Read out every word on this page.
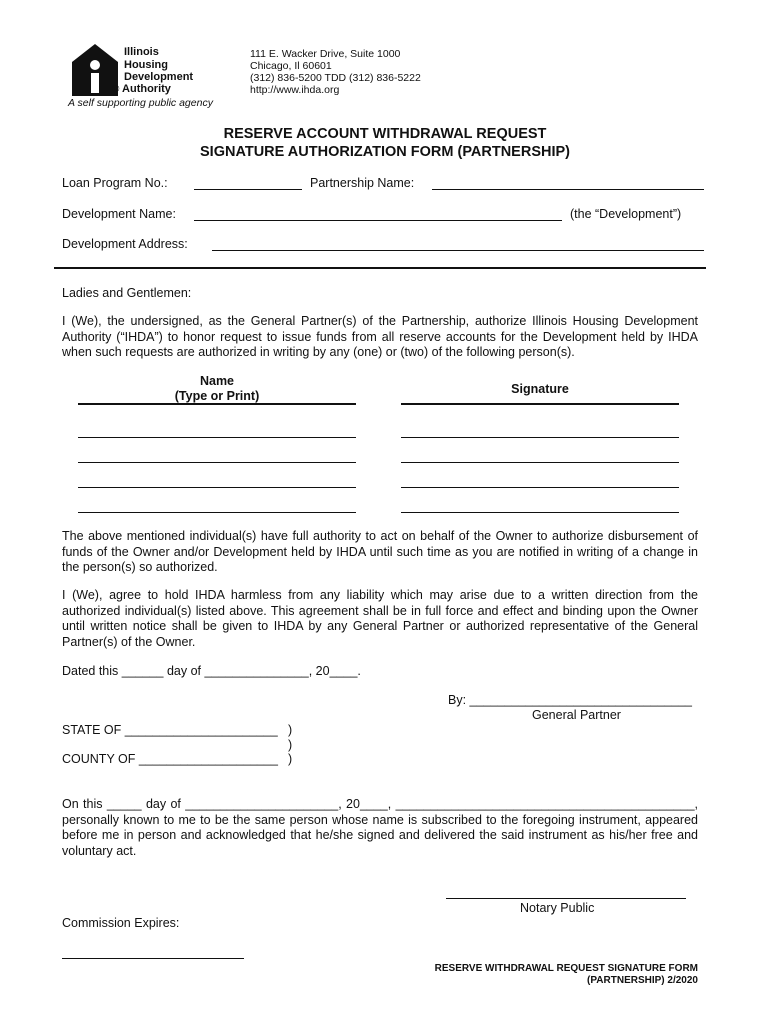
Illinois
Housing
Development
® Authority
A self supporting public agency
111 E. Wacker Drive, Suite 1000
Chicago, Il 60601
(312) 836-5200 TDD (312) 836-5222
http://www.ihda.org
RESERVE ACCOUNT WITHDRAWAL REQUEST
SIGNATURE AUTHORIZATION FORM (PARTNERSHIP)
Loan Program No.:	Partnership Name:
Development Name:	(the “Development”)
Development Address:
Ladies and Gentlemen:
I (We), the undersigned, as the General Partner(s) of the Partnership, authorize Illinois Housing Development Authority (“IHDA”) to honor request to issue funds from all reserve accounts for the Development held by IHDA when such requests are authorized in writing by any (one) or (two) of the following person(s).
Name
(Type or Print)	Signature
The above mentioned individual(s) have full authority to act on behalf of the Owner to authorize disbursement of funds of the Owner and/or Development held by IHDA until such time as you are notified in writing of a change in the person(s) so authorized.
I (We), agree to hold IHDA harmless from any liability which may arise due to a written direction from the authorized individual(s) listed above. This agreement shall be in full force and effect and binding upon the Owner until written notice shall be given to IHDA by any General Partner or authorized representative of the General Partner(s) of the Owner.
Dated this ______ day of _______________, 20____.
By: ________________________________
General Partner
STATE OF ______________________
COUNTY OF ____________________
)
)
)
On this _____ day of ______________________, 20____, ___________________________________________, personally known to me to be the same person whose name is subscribed to the foregoing instrument, appeared before me in person and acknowledged that he/she signed and delivered the said instrument as his/her free and voluntary act.
Notary Public
Commission Expires:
RESERVE WITHDRAWAL REQUEST SIGNATURE FORM
(PARTNERSHIP) 2/2020
